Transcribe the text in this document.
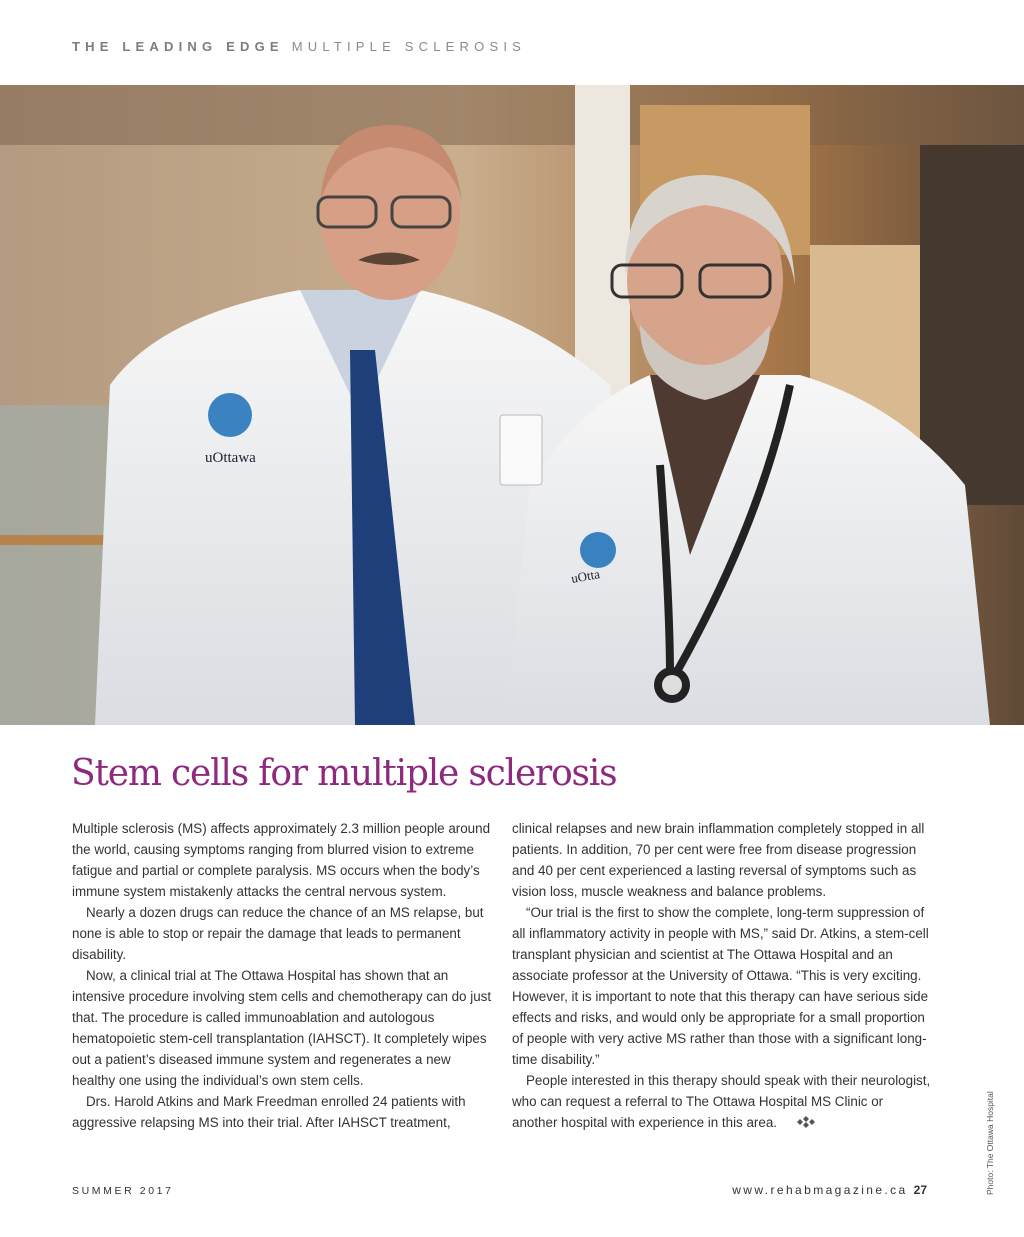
THE LEADING EDGE MULTIPLE SCLEROSIS
uOttawa
uOtta
Stem cells for multiple sclerosis

Multiple sclerosis (MS) affects approximately 2.3 million people around the world, causing symptoms ranging from blurred vision to extreme fatigue and partial or complete paralysis. MS occurs when the body’s immune system mistakenly attacks the central nervous system.

Nearly a dozen drugs can reduce the chance of an MS relapse, but none is able to stop or repair the damage that leads to permanent disability.

Now, a clinical trial at The Ottawa Hospital has shown that an intensive procedure involving stem cells and chemotherapy can do just that. The procedure is called immunoablation and autologous hematopoietic stem-cell transplantation (IAHSCT). It completely wipes out a patient’s diseased immune system and regenerates a new healthy one using the individual’s own stem cells.

Drs. Harold Atkins and Mark Freedman enrolled 24 patients with aggressive relapsing MS into their trial. After IAHSCT treatment,

clinical relapses and new brain inflammation completely stopped in all patients. In addition, 70 per cent were free from disease progression and 40 per cent experienced a lasting reversal of symptoms such as vision loss, muscle weakness and balance problems.

“Our trial is the first to show the complete, long-term suppression of all inflammatory activity in people with MS,” said Dr. Atkins, a stem-cell transplant physician and scientist at The Ottawa Hospital and an associate professor at the University of Ottawa. “This is very exciting. However, it is important to note that this therapy can have serious side effects and risks, and would only be appropriate for a small proportion of people with very active MS rather than those with a significant long-time disability.”

People interested in this therapy should speak with their neurologist, who can request a referral to The Ottawa Hospital MS Clinic or another hospital with experience in this area.

SUMMER 2017	www.rehabmagazine.ca 27	Photo: The Ottawa Hospital
